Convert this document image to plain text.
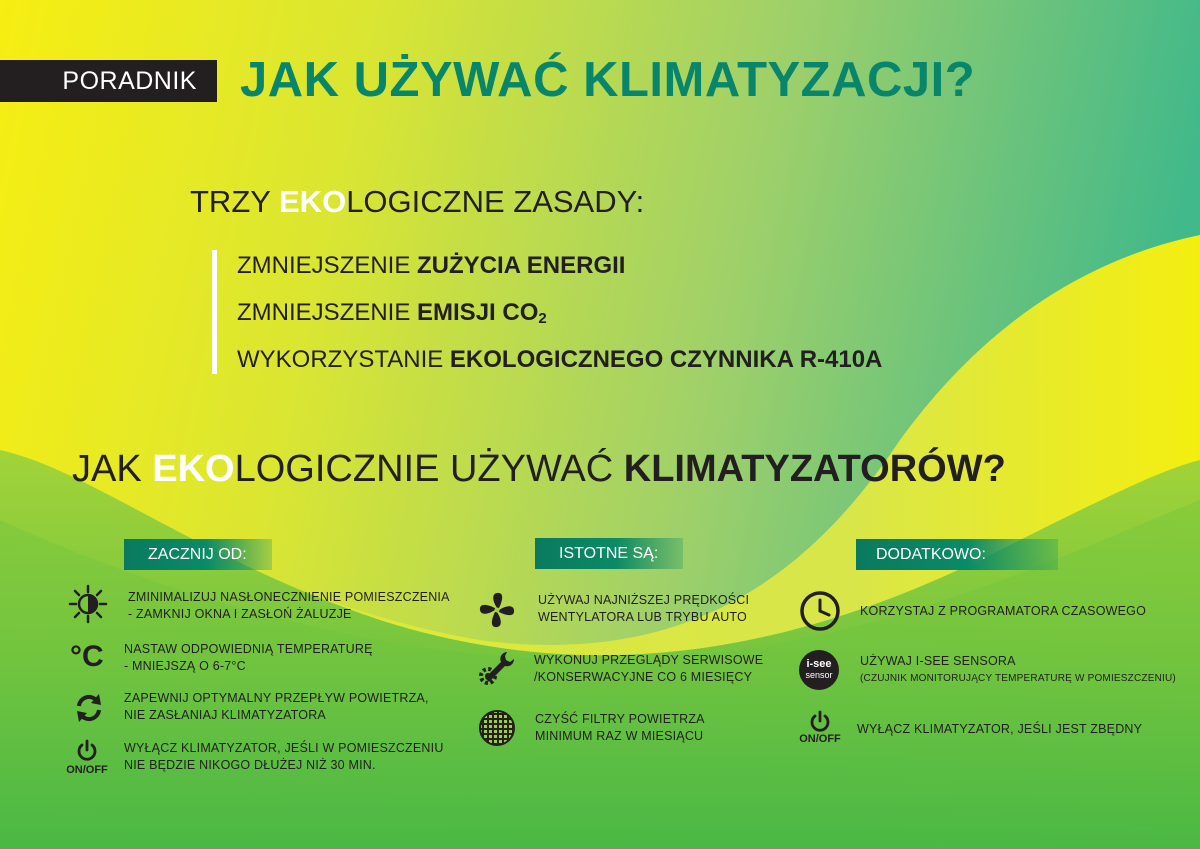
PORADNIK JAK UŻYWAĆ KLIMATYZACJI?
TRZY EKOLOGICZNE ZASADY:
ZMNIEJSZENIE ZUŻYCIA ENERGII
ZMNIEJSZENIE EMISJI $CO_2$
WYKORZYSTANIE EKOLOGICZNEGO CZYNNIKA R-410A
JAK EKOLOGICZNIE UŻYWAĆ KLIMATYZATORÓW?
ZACZNIJ OD:	ISTOTNE SĄ:	DODATKOWO:
ZMINIMALIZUJ NASŁONECZNIENIE POMIESZCZENIA
- ZAMKNIJ OKNA I ZASŁOŃ ŻALUZJE
°C NASTAW ODPOWIEDNIĄ TEMPERATURĘ
- MNIEJSZĄ O 6-7°C
ZAPEWNIJ OPTYMALNY PRZEPŁYW POWIETRZA,
NIE ZASŁANIAJ KLIMATYZATORA
ON/OFF
WYŁĄCZ KLIMATYZATOR, JEŚLI W POMIESZCZENIU
NIE BĘDZIE NIKOGO DŁUŻEJ NIŻ 30 MIN.
UŻYWAJ NAJNIŻSZEJ PRĘDKOŚCI
WENTYLATORA LUB TRYBU AUTO
WYKONUJ PRZEGLĄDY SERWISOWE
/KONSERWACYJNE CO 6 MIESIĘCY
CZYŚĆ FILTRY POWIETRZA
MINIMUM RAZ W MIESIĄCU
KORZYSTAJ Z PROGRAMATORA CZASOWEGO
i-see
sensor
UŻYWAJ I-SEE SENSORA
(CZUJNIK MONITORUJĄCY TEMPERATURĘ W POMIESZCZENIU)
ON/OFF
WYŁĄCZ KLIMATYZATOR, JEŚLI JEST ZBĘDNY
